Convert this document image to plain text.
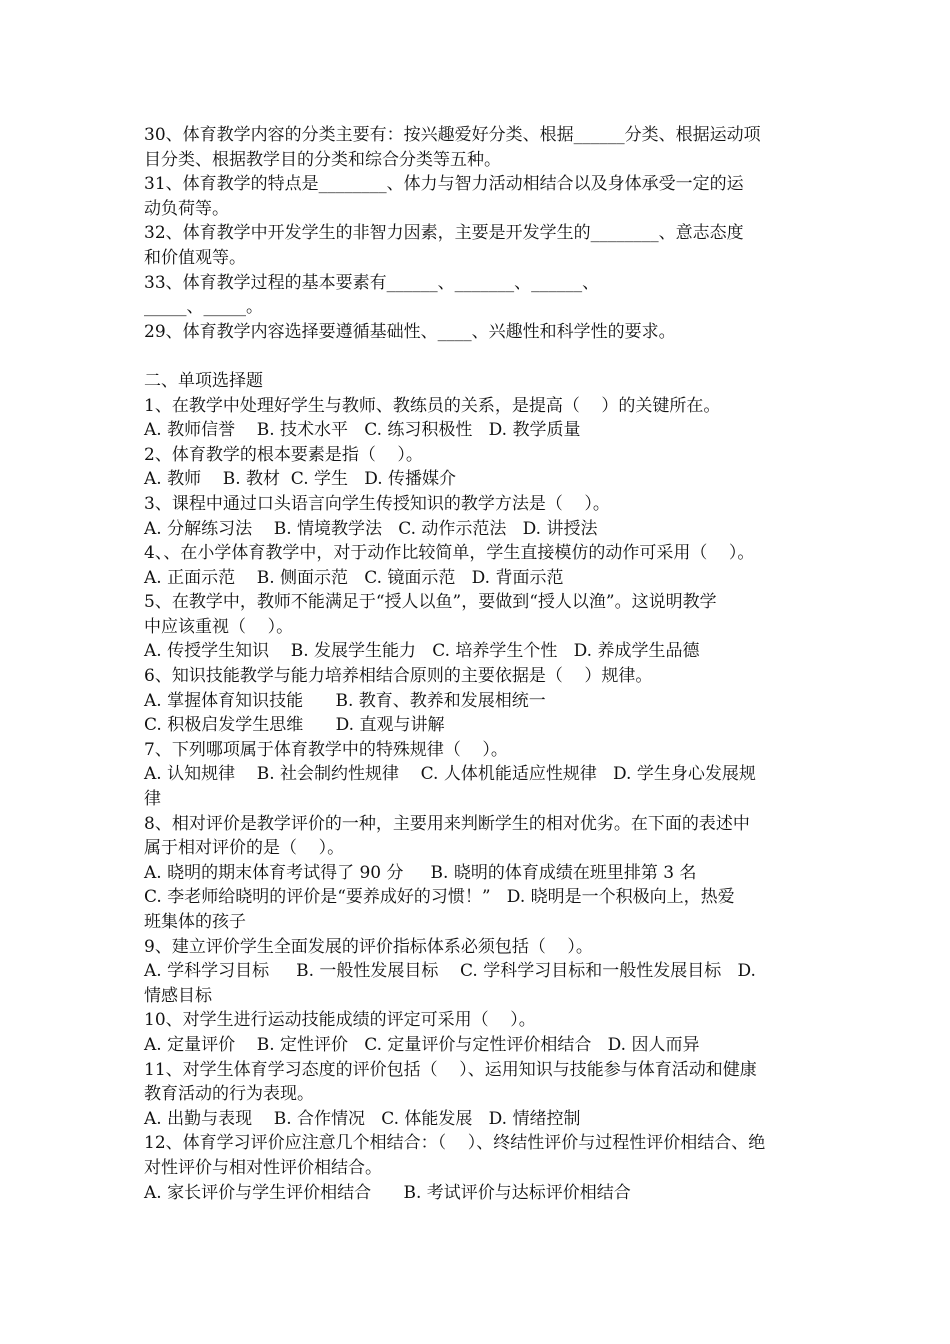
30、体育教学内容的分类主要有：按兴趣爱好分类、根据______分类、根据运动项

目分类、根据教学目的分类和综合分类等五种。

31、体育教学的特点是________、体力与智力活动相结合以及身体承受一定的运

动负荷等。

32、体育教学中开发学生的非智力因素，主要是开发学生的________、意志态度

和价值观等。

33、体育教学过程的基本要素有______、_______、______、

_____、_____。

29、体育教学内容选择要遵循基础性、____、兴趣性和科学性的要求。

二、单项选择题

1、在教学中处理好学生与教师、教练员的关系，是提高（    ）的关键所在。

A. 教师信誉    B. 技术水平   C. 练习积极性   D. 教学质量

2、体育教学的根本要素是指（    ）。

A. 教师    B. 教材  C. 学生   D. 传播媒介

3、课程中通过口头语言向学生传授知识的教学方法是（    ）。

A. 分解练习法    B. 情境教学法   C. 动作示范法   D. 讲授法

4、、在小学体育教学中，对于动作比较简单，学生直接模仿的动作可采用（    ）。

A. 正面示范    B. 侧面示范   C. 镜面示范   D. 背面示范

5、在教学中，教师不能满足于“授人以鱼”，要做到“授人以渔”。这说明教学

中应该重视（    ）。

A. 传授学生知识    B. 发展学生能力   C. 培养学生个性   D. 养成学生品德

6、知识技能教学与能力培养相结合原则的主要依据是（    ）规律。

A. 掌握体育知识技能      B. 教育、教养和发展相统一

C. 积极启发学生思维      D. 直观与讲解

7、下列哪项属于体育教学中的特殊规律（    ）。

A. 认知规律    B. 社会制约性规律    C. 人体机能适应性规律   D. 学生身心发展规

律

8、相对评价是教学评价的一种，主要用来判断学生的相对优劣。在下面的表述中

属于相对评价的是（    ）。

A. 晓明的期末体育考试得了 90 分     B. 晓明的体育成绩在班里排第 3 名

C. 李老师给晓明的评价是“要养成好的习惯！”   D. 晓明是一个积极向上，热爱

班集体的孩子

9、建立评价学生全面发展的评价指标体系必须包括（    ）。

A. 学科学习目标     B. 一般性发展目标    C. 学科学习目标和一般性发展目标   D.

情感目标

10、对学生进行运动技能成绩的评定可采用（    ）。

A. 定量评价    B. 定性评价   C. 定量评价与定性评价相结合   D. 因人而异

11、对学生体育学习态度的评价包括（    ）、运用知识与技能参与体育活动和健康

教育活动的行为表现。

A. 出勤与表现    B. 合作情况   C. 体能发展   D. 情绪控制

12、体育学习评价应注意几个相结合：（    ）、终结性评价与过程性评价相结合、绝

对性评价与相对性评价相结合。

A. 家长评价与学生评价相结合      B. 考试评价与达标评价相结合
